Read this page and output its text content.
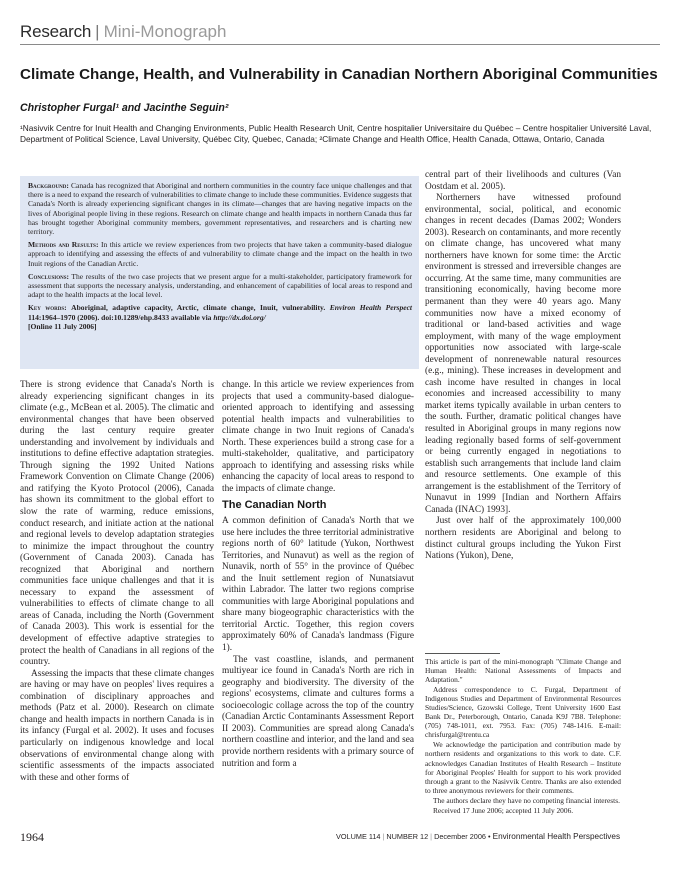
Research | Mini-Monograph
Climate Change, Health, and Vulnerability in Canadian Northern Aboriginal Communities
Christopher Furgal¹ and Jacinthe Seguin²
¹Nasivvik Centre for Inuit Health and Changing Environments, Public Health Research Unit, Centre hospitalier Universitaire du Québec – Centre hospitalier Université Laval, Department of Political Science, Laval University, Québec City, Quebec, Canada; ²Climate Change and Health Office, Health Canada, Ottawa, Ontario, Canada

Background: Canada has recognized that Aboriginal and northern communities in the country face unique challenges and that there is a need to expand the research of vulnerabilities to climate change to include these communities. Evidence suggests that Canada's North is already experiencing significant changes in its climate—changes that are having negative impacts on the lives of Aboriginal people living in these regions. Research on climate change and health impacts in northern Canada thus far has brought together Aboriginal community members, government representatives, and researchers and is charting new territory.

Methods and Results: In this article we review experiences from two projects that have taken a community-based dialogue approach to identifying and assessing the effects of and vulnerability to climate change and the impact on the health in two Inuit regions of the Canadian Arctic.

Conclusions: The results of the two case projects that we present argue for a multi-stakeholder, participatory framework for assessment that supports the necessary analysis, understanding, and enhancement of capabilities of local areas to respond and adapt to the health impacts at the local level.

Key words: Aboriginal, adaptive capacity, Arctic, climate change, Inuit, vulnerability. Environ Health Perspect 114:1964–1970 (2006). doi:10.1289/ehp.8433 available via http://dx.doi.org/
[Online 11 July 2006]

There is strong evidence that Canada's North is already experiencing significant changes in its climate (e.g., McBean et al. 2005). The climatic and environmental changes that have been observed during the last century require greater understanding and involvement by individuals and institutions to define effective adaptation strategies. Through signing the 1992 United Nations Framework Convention on Climate Change (2006) and ratifying the Kyoto Protocol (2006), Canada has shown its commitment to the global effort to slow the rate of warming, reduce emissions, conduct research, and initiate action at the national and regional levels to develop adaptation strategies to minimize the impact throughout the country (Government of Canada 2003). Canada has recognized that Aboriginal and northern communities face unique challenges and that it is necessary to expand the assessment of vulnerabilities to effects of climate change to all areas of Canada, including the North (Government of Canada 2003). This work is essential for the development of effective adaptive strategies to protect the health of Canadians in all regions of the country.

Assessing the impacts that these climate changes are having or may have on peoples' lives requires a combination of disciplinary approaches and methods (Patz et al. 2000). Research on climate change and health impacts in northern Canada is in its infancy (Furgal et al. 2002). It uses and focuses particularly on indigenous knowledge and local observations of environmental change along with scientific assessments of the impacts associated with these and other forms of

change. In this article we review experiences from projects that used a community-based dialogue-oriented approach to identifying and assessing potential health impacts and vulnerabilities to climate change in two Inuit regions of Canada's North. These experiences build a strong case for a multi-stakeholder, qualitative, and participatory approach to identifying and assessing risks while enhancing the capacity of local areas to respond to the impacts of climate change.

The Canadian North

A common definition of Canada's North that we use here includes the three territorial administrative regions north of 60° latitude (Yukon, Northwest Territories, and Nunavut) as well as the region of Nunavik, north of 55° in the province of Québec and the Inuit settlement region of Nunatsiavut within Labrador. The latter two regions comprise communities with large Aboriginal populations and share many biogeographic characteristics with the territorial Arctic. Together, this region covers approximately 60% of Canada's landmass (Figure 1).

The vast coastline, islands, and permanent multiyear ice found in Canada's North are rich in geography and biodiversity. The diversity of the regions' ecosystems, climate and cultures forms a socioecologic collage across the top of the country (Canadian Arctic Contaminants Assessment Report II 2003). Communities are spread along Canada's northern coastline and interior, and the land and sea provide northern residents with a primary source of nutrition and form a

central part of their livelihoods and cultures (Van Oostdam et al. 2005).

Northerners have witnessed profound environmental, social, political, and economic changes in recent decades (Damas 2002; Wonders 2003). Research on contaminants, and more recently on climate change, has uncovered what many northerners have known for some time: the Arctic environment is stressed and irreversible changes are occurring. At the same time, many communities are transitioning economically, having become more permanent than they were 40 years ago. Many communities now have a mixed economy of traditional or land-based activities and wage employment, with many of the wage employment opportunities now associated with large-scale development of nonrenewable natural resources (e.g., mining). These increases in development and cash income have resulted in changes in local economies and increased accessibility to many market items typically available in urban centers to the south. Further, dramatic political changes have resulted in Aboriginal groups in many regions now leading regionally based forms of self-government or being currently engaged in negotiations to establish such arrangements that include land claim and resource settlements. One example of this arrangement is the establishment of the Territory of Nunavut in 1999 [Indian and Northern Affairs Canada (INAC) 1993].

Just over half of the approximately 100,000 northern residents are Aboriginal and belong to distinct cultural groups including the Yukon First Nations (Yukon), Dene,

This article is part of the mini-monograph "Climate Change and Human Health: National Assessments of Impacts and Adaptation."

Address correspondence to C. Furgal, Department of Indigenous Studies and Department of Environmental Resources Studies/Science, Gzowski College, Trent University 1600 East Bank Dr., Peterborough, Ontario, Canada K9J 7B8. Telephone: (705) 748-1011, ext. 7953. Fax: (705) 748-1416. E-mail: chrisfurgal@trentu.ca

We acknowledge the participation and contribution made by northern residents and organizations to this work to date. C.F. acknowledges Canadian Institutes of Health Research – Institute for Aboriginal Peoples' Health for support to his work provided through a grant to the Nasivvik Centre. Thanks are also extended to three anonymous reviewers for their comments.

The authors declare they have no competing financial interests.

Received 17 June 2006; accepted 11 July 2006.

1964	VOLUME 114 | NUMBER 12 | December 2006 • Environmental Health Perspectives
